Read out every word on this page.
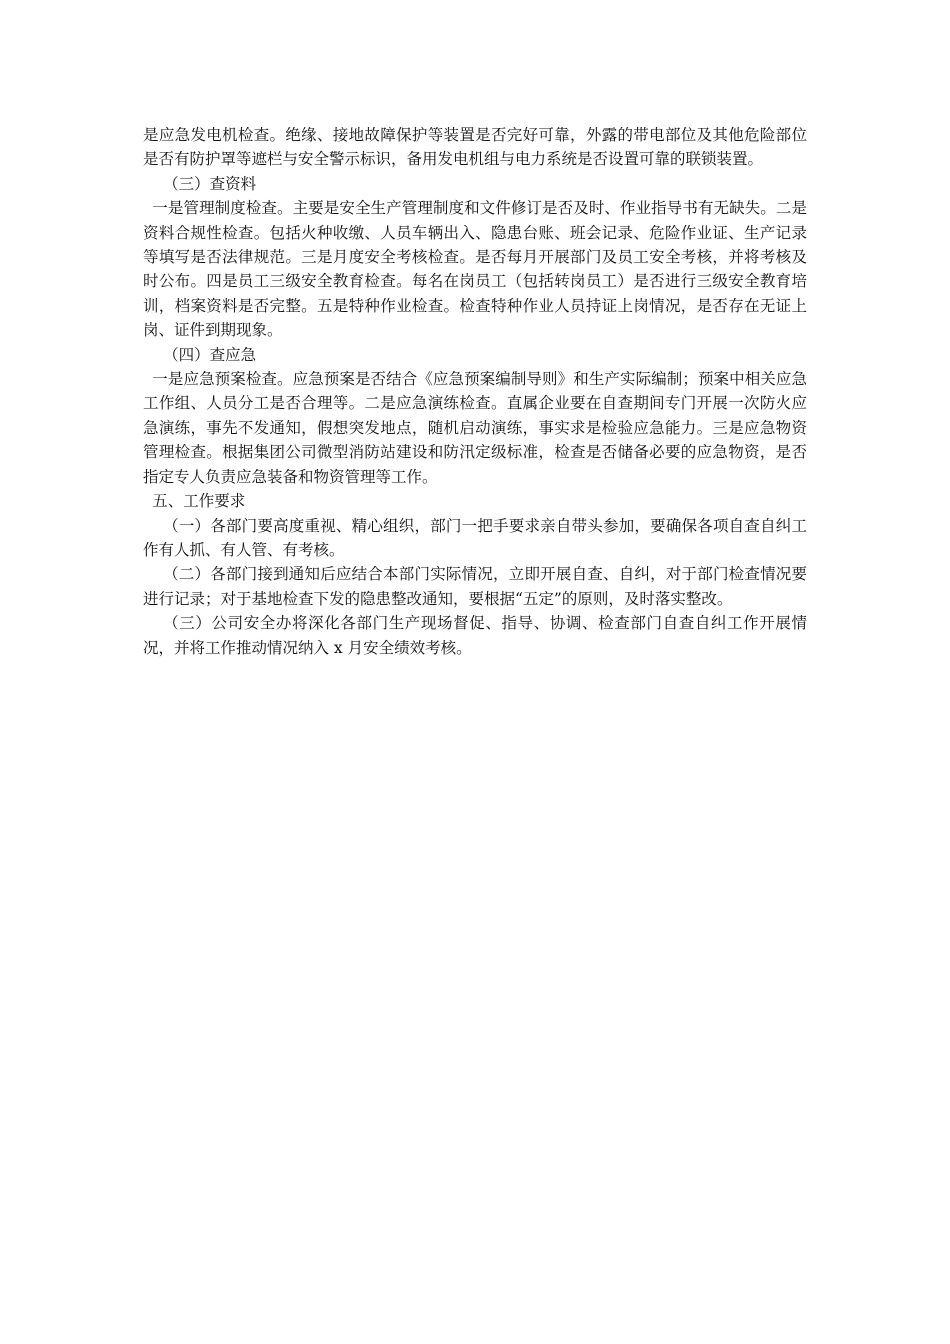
是应急发电机检查。绝缘、接地故障保护等装置是否完好可靠，外露的带电部位及其他危险部位是否有防护罩等遮栏与安全警示标识，备用发电机组与电力系统是否设置可靠的联锁装置。

（三）查资料

一是管理制度检查。主要是安全生产管理制度和文件修订是否及时、作业指导书有无缺失。二是资料合规性检查。包括火种收缴、人员车辆出入、隐患台账、班会记录、危险作业证、生产记录等填写是否法律规范。三是月度安全考核检查。是否每月开展部门及员工安全考核，并将考核及时公布。四是员工三级安全教育检查。每名在岗员工（包括转岗员工）是否进行三级安全教育培训，档案资料是否完整。五是特种作业检查。检查特种作业人员持证上岗情况，是否存在无证上岗、证件到期现象。

（四）查应急

一是应急预案检查。应急预案是否结合《应急预案编制导则》和生产实际编制；预案中相关应急工作组、人员分工是否合理等。二是应急演练检查。直属企业要在自查期间专门开展一次防火应急演练，事先不发通知，假想突发地点，随机启动演练，事实求是检验应急能力。三是应急物资管理检查。根据集团公司微型消防站建设和防汛定级标准，检查是否储备必要的应急物资，是否指定专人负责应急装备和物资管理等工作。

五、工作要求

（一）各部门要高度重视、精心组织，部门一把手要求亲自带头参加，要确保各项自查自纠工作有人抓、有人管、有考核。

（二）各部门接到通知后应结合本部门实际情况，立即开展自查、自纠，对于部门检查情况要进行记录；对于基地检查下发的隐患整改通知，要根据“五定”的原则，及时落实整改。

（三）公司安全办将深化各部门生产现场督促、指导、协调、检查部门自查自纠工作开展情况，并将工作推动情况纳入 x 月安全绩效考核。
